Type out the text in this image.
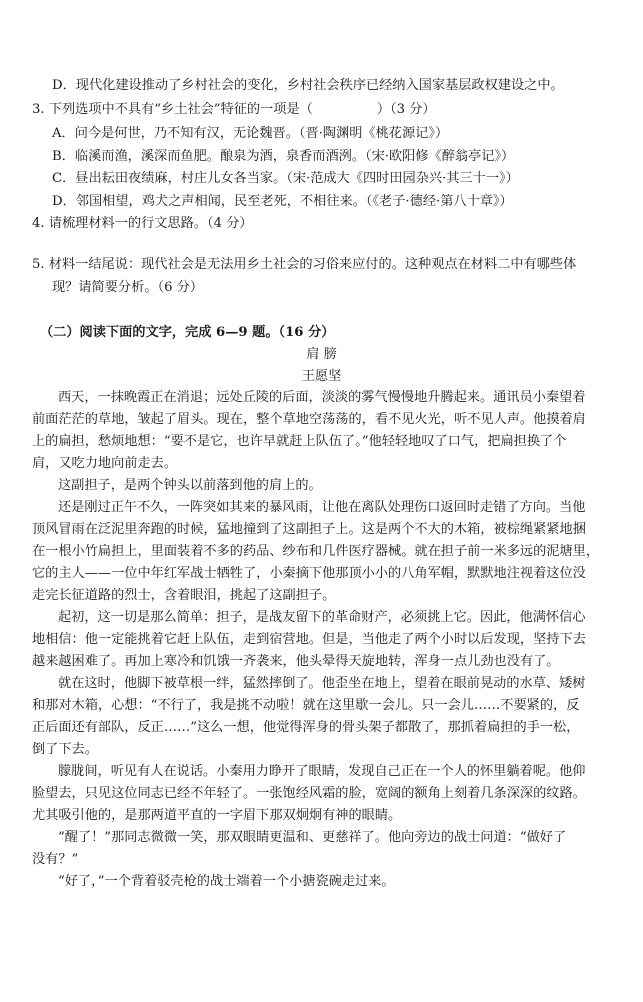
D．现代化建设推动了乡村社会的变化，乡村社会秩序已经纳入国家基层政权建设之中。
3. 下列选项中不具有“乡土社会”特征的一项是（	）（3 分）
A．问今是何世，乃不知有汉，无论魏晋。（晋·陶渊明《桃花源记》）
B．临溪而渔，溪深而鱼肥。酿泉为酒，泉香而酒洌。（宋·欧阳修《醉翁亭记》）
C．昼出耘田夜绩麻，村庄儿女各当家。（宋·范成大《四时田园杂兴·其三十一》）
D．邻国相望，鸡犬之声相闻，民至老死，不相往来。（《老子·德经·第八十章》）
4. 请梳理材料一的行文思路。（4 分）
5. 材料一结尾说：现代社会是无法用乡土社会的习俗来应付的。这种观点在材料二中有哪些体
现？请简要分析。（6 分）
（二）阅读下面的文字，完成 6—9 题。（16 分）
肩 膀
王愿坚
西天，一抹晚霞正在消退；远处丘陵的后面，淡淡的雾气慢慢地升腾起来。通讯员小秦望着
前面茫茫的草地，皱起了眉头。现在，整个草地空荡荡的，看不见火光，听不见人声。他摸着肩
上的扁担，愁烦地想：“要不是它，也许早就赶上队伍了。”他轻轻地叹了口气，把扁担换了个
肩，又吃力地向前走去。
这副担子，是两个钟头以前落到他的肩上的。
还是刚过正午不久，一阵突如其来的暴风雨，让他在离队处理伤口返回时走错了方向。当他
顶风冒雨在泛泥里奔跑的时候，猛地撞到了这副担子上。这是两个不大的木箱，被棕绳紧紧地捆
在一根小竹扁担上，里面装着不多的药品、纱布和几件医疗器械。就在担子前一米多远的泥塘里，
它的主人——一位中年红军战士牺牲了，小秦摘下他那顶小小的八角军帽，默默地注视着这位没
走完长征道路的烈士，含着眼泪，挑起了这副担子。
起初，这一切是那么简单：担子，是战友留下的革命财产，必须挑上它。因此，他满怀信心
地相信：他一定能挑着它赶上队伍，走到宿营地。但是，当他走了两个小时以后发现，坚持下去
越来越困难了。再加上寒冷和饥饿一齐袭来，他头晕得天旋地转，浑身一点儿劲也没有了。
就在这时，他脚下被草根一绊，猛然摔倒了。他歪坐在地上，望着在眼前晃动的水草、矮树
和那对木箱，心想：“不行了，我是挑不动啦！就在这里歇一会儿。只一会儿……不要紧的，反
正后面还有部队，反正……”这么一想，他觉得浑身的骨头架子都散了，那抓着扁担的手一松，
倒了下去。
朦胧间，听见有人在说话。小秦用力睁开了眼睛，发现自己正在一个人的怀里躺着呢。他仰
脸望去，只见这位同志已经不年轻了。一张饱经风霜的脸，宽阔的额角上刻着几条深深的纹路。
尤其吸引他的，是那两道平直的一字眉下那双炯炯有神的眼睛。
“醒了！”那同志微微一笑，那双眼睛更温和、更慈祥了。他向旁边的战士问道：“做好了
没有？”
“好了，”一个背着驳壳枪的战士端着一个小搪瓷碗走过来。
